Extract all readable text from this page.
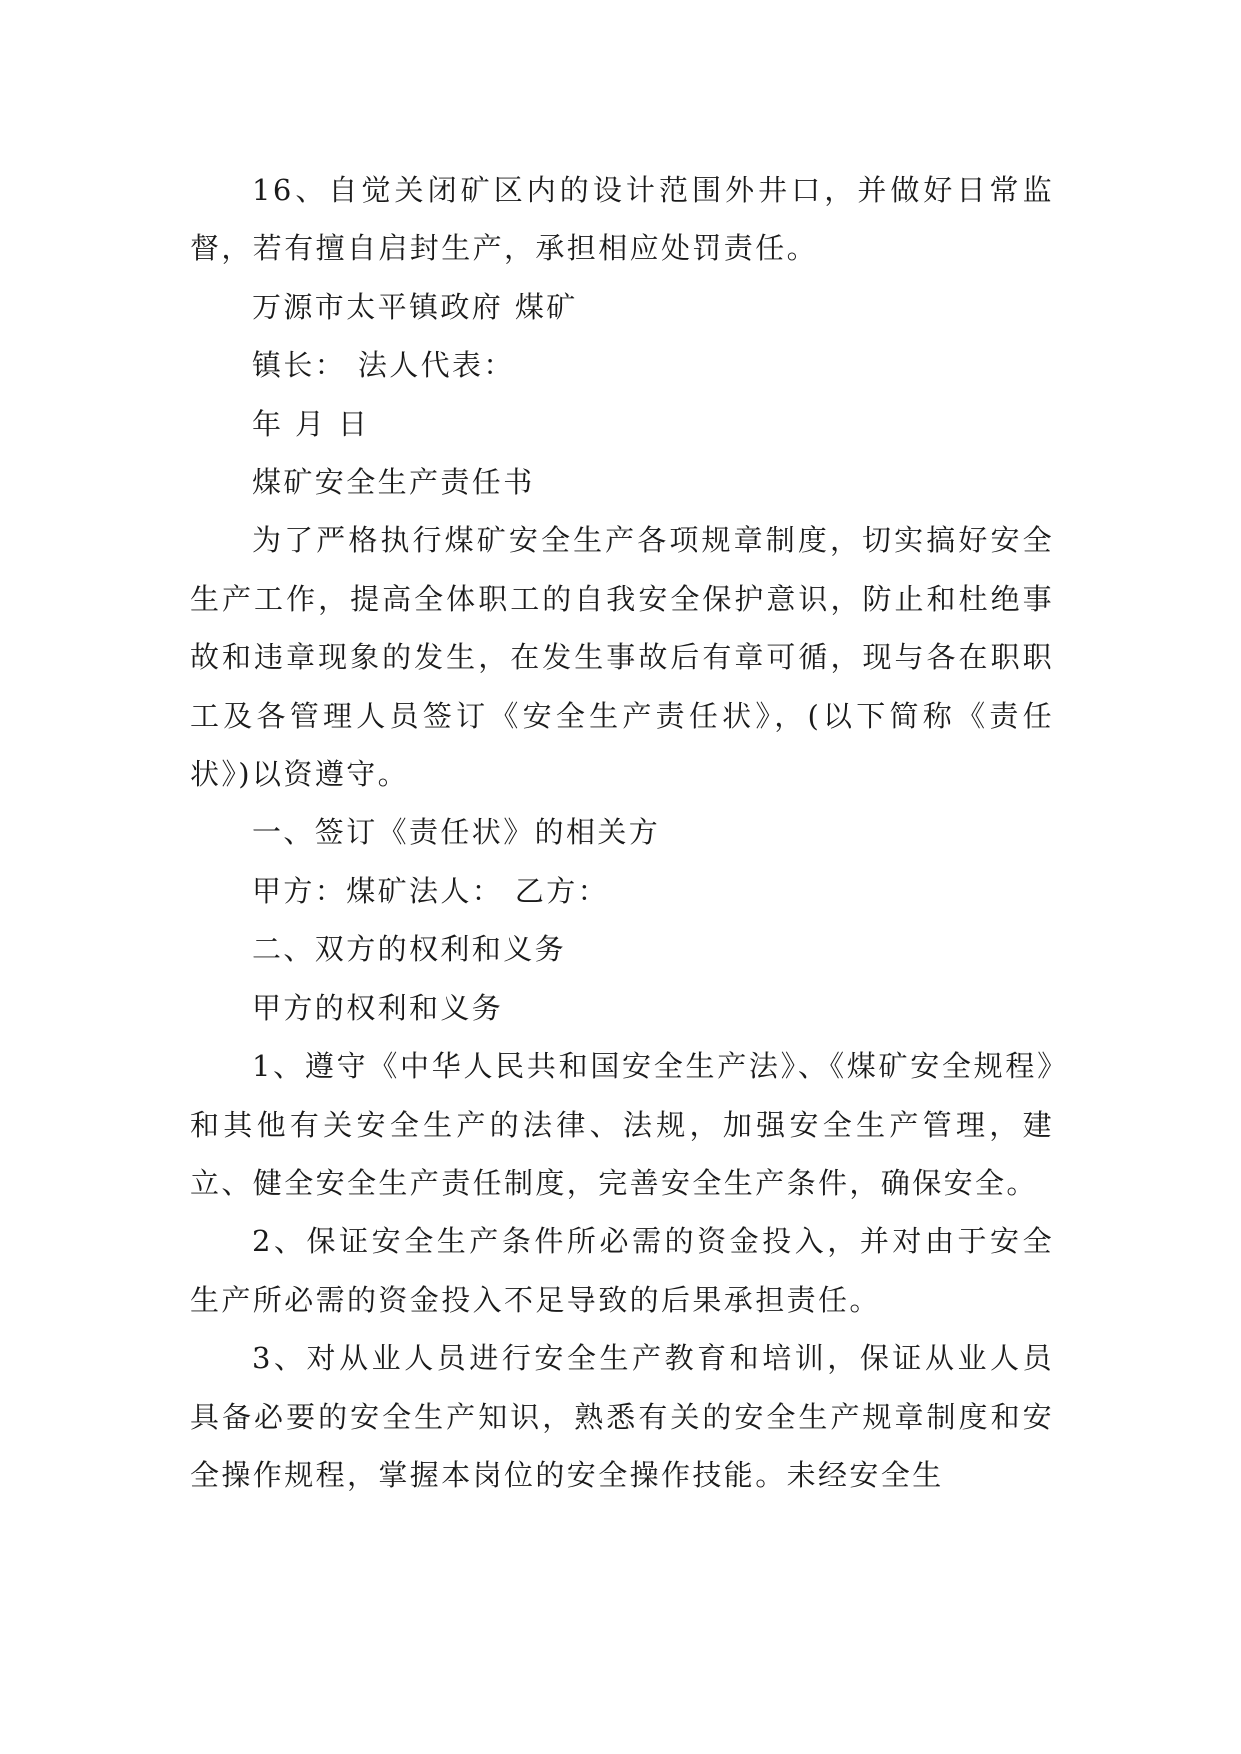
16、自觉关闭矿区内的设计范围外井口，并做好日常监督，若有擅自启封生产，承担相应处罚责任。

万源市太平镇政府 煤矿

镇长： 法人代表：

年 月 日

煤矿安全生产责任书

为了严格执行煤矿安全生产各项规章制度，切实搞好安全生产工作，提高全体职工的自我安全保护意识，防止和杜绝事故和违章现象的发生，在发生事故后有章可循，现与各在职职工及各管理人员签订《安全生产责任状》，(以下简称《责任状》)以资遵守。

一、签订《责任状》的相关方

甲方：煤矿法人： 乙方：

二、双方的权利和义务

甲方的权利和义务

1、遵守《中华人民共和国安全生产法》、《煤矿安全规程》和其他有关安全生产的法律、法规，加强安全生产管理，建立、健全安全生产责任制度，完善安全生产条件，确保安全。

2、保证安全生产条件所必需的资金投入，并对由于安全生产所必需的资金投入不足导致的后果承担责任。

3、对从业人员进行安全生产教育和培训，保证从业人员具备必要的安全生产知识，熟悉有关的安全生产规章制度和安全操作规程，掌握本岗位的安全操作技能。未经安全生
